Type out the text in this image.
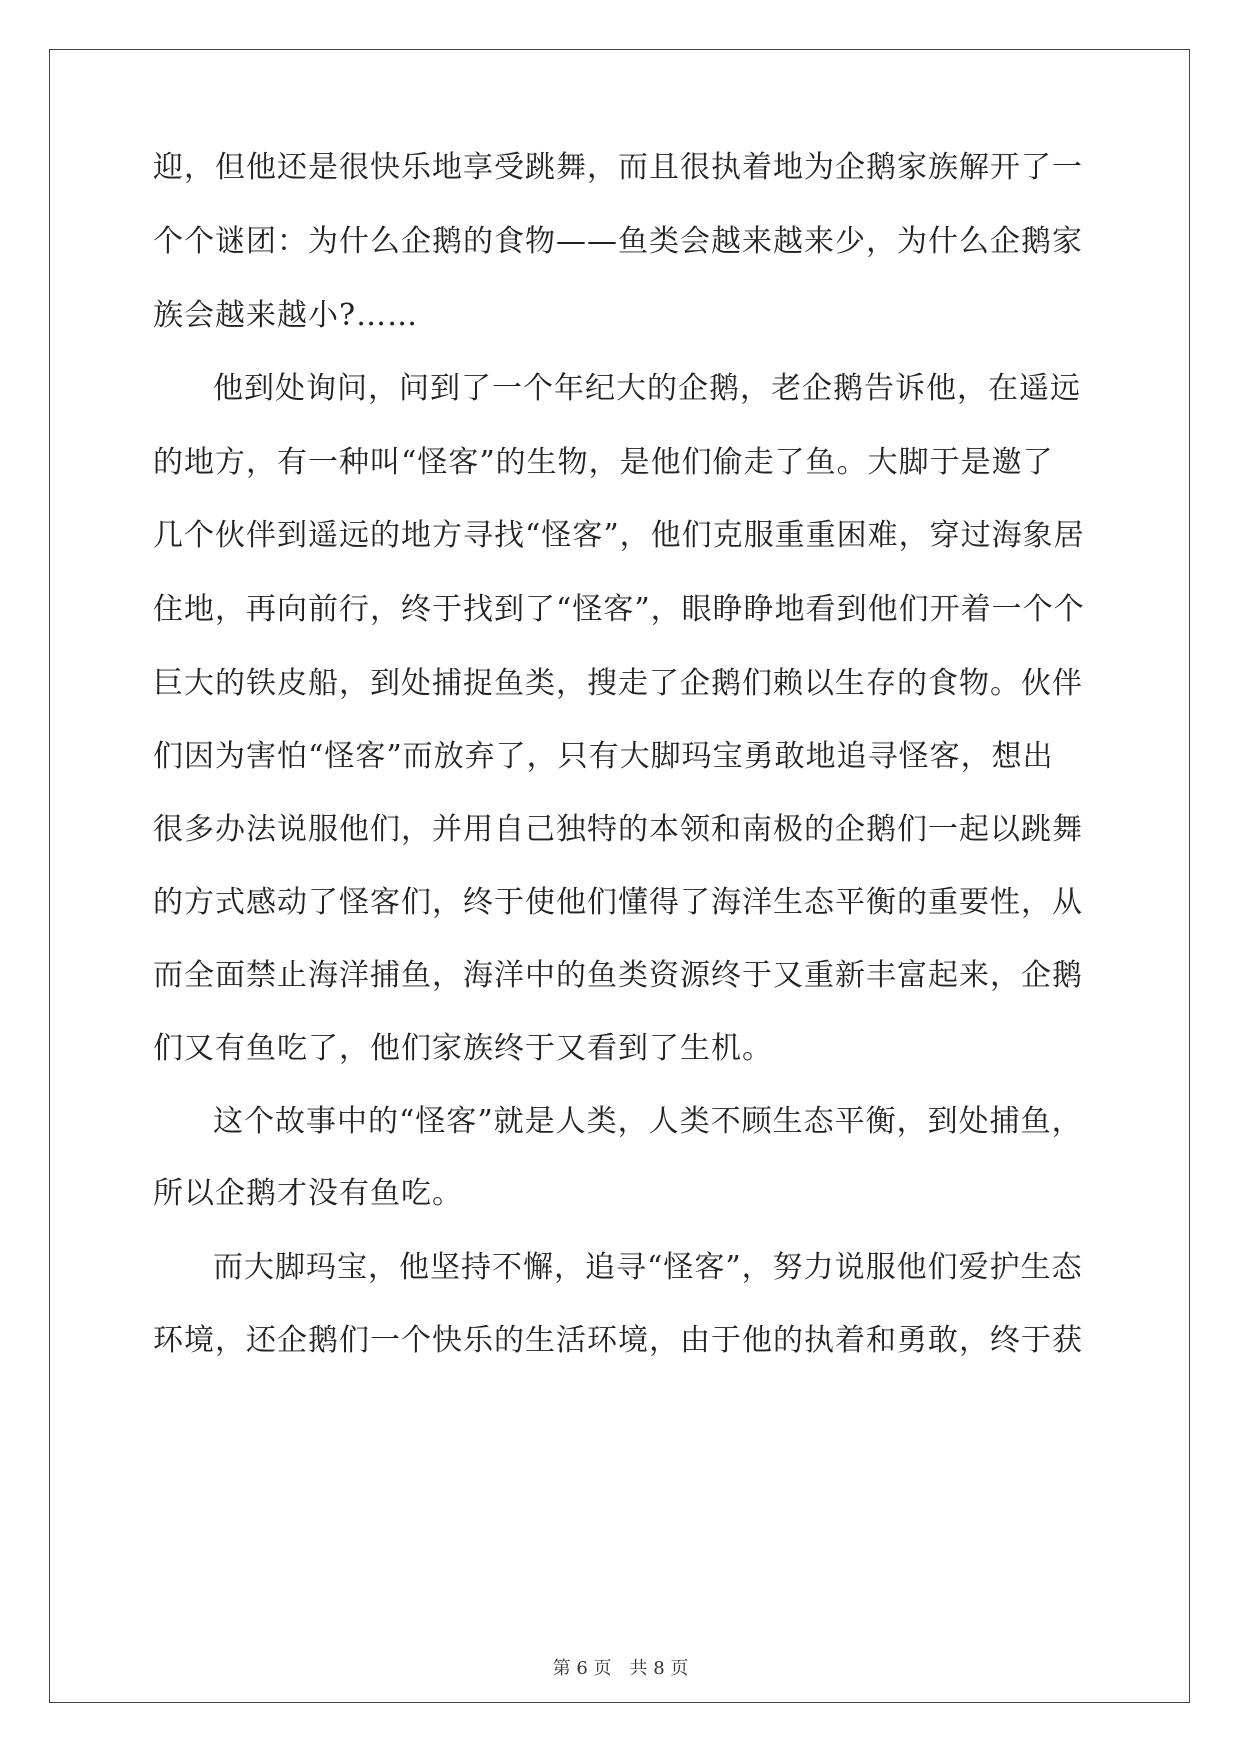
迎，但他还是很快乐地享受跳舞，而且很执着地为企鹅家族解开了一
个个谜团：为什么企鹅的食物——鱼类会越来越来少，为什么企鹅家
族会越来越小?……
他到处询问，问到了一个年纪大的企鹅，老企鹅告诉他，在遥远
的地方，有一种叫“怪客”的生物，是他们偷走了鱼。大脚于是邀了
几个伙伴到遥远的地方寻找“怪客”，他们克服重重困难，穿过海象居
住地，再向前行，终于找到了“怪客”，眼睁睁地看到他们开着一个个
巨大的铁皮船，到处捕捉鱼类，搜走了企鹅们赖以生存的食物。伙伴
们因为害怕“怪客”而放弃了，只有大脚玛宝勇敢地追寻怪客，想出
很多办法说服他们，并用自己独特的本领和南极的企鹅们一起以跳舞
的方式感动了怪客们，终于使他们懂得了海洋生态平衡的重要性，从
而全面禁止海洋捕鱼，海洋中的鱼类资源终于又重新丰富起来，企鹅
们又有鱼吃了，他们家族终于又看到了生机。
这个故事中的“怪客”就是人类，人类不顾生态平衡，到处捕鱼，
所以企鹅才没有鱼吃。
而大脚玛宝，他坚持不懈，追寻“怪客”，努力说服他们爱护生态
环境，还企鹅们一个快乐的生活环境，由于他的执着和勇敢，终于获
第 6 页　共 8 页
